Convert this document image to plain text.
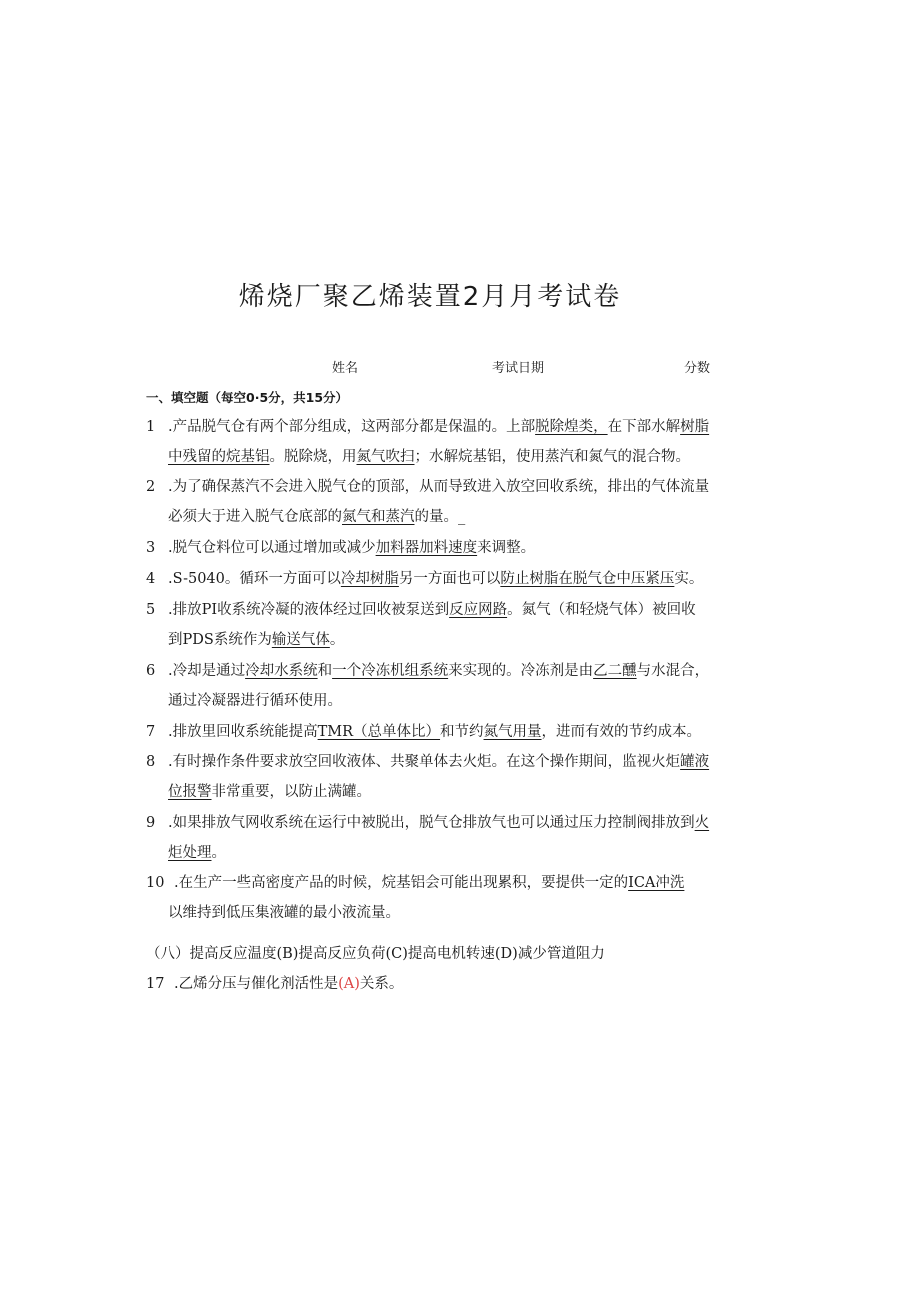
烯烧厂聚乙烯装置2月月考试卷
姓名	考试日期	分数
一、填空题（每空0·5分，共15分）
1 .产品脱气仓有两个部分组成，这两部分都是保温的。上部脱除煌类，在下部水解树脂
中残留的烷基铝。脱除烧，用氮气吹扫；水解烷基铝，使用蒸汽和氮气的混合物。
2 .为了确保蒸汽不会进入脱气仓的顶部，从而导致进入放空回收系统，排出的气体流量
必须大于进入脱气仓底部的氮气和蒸汽的量。_
3 .脱气仓料位可以通过增加或减少加料器加料速度来调整。
4 .S-5040。循环一方面可以冷却树脂另一方面也可以防止树脂在脱气仓中压紧压实。
5 .排放PI收系统冷凝的液体经过回收被泵送到反应网路。氮气（和轻烧气体）被回收
到PDS系统作为输送气体。
6 .冷却是通过冷却水系统和一个冷冻机组系统来实现的。冷冻剂是由乙二醺与水混合，
通过冷凝器进行循环使用。
7 .排放里回收系统能提高TMR（总单体比）和节约氮气用量，进而有效的节约成本。
8 .有时操作条件要求放空回收液体、共聚单体去火炬。在这个操作期间，监视火炬罐液
位报警非常重要，以防止满罐。
9 .如果排放气网收系统在运行中被脱出，脱气仓排放气也可以通过压力控制阀排放到火
炬处理。
10 .在生产一些高密度产品的时候，烷基铝会可能出现累积，要提供一定的ICA冲洗
以维持到低压集液罐的最小液流量。
（八）提高反应温度(B)提高反应负荷(C)提高电机转速(D)减少管道阻力
17 .乙烯分压与催化剂活性是(A)关系。
